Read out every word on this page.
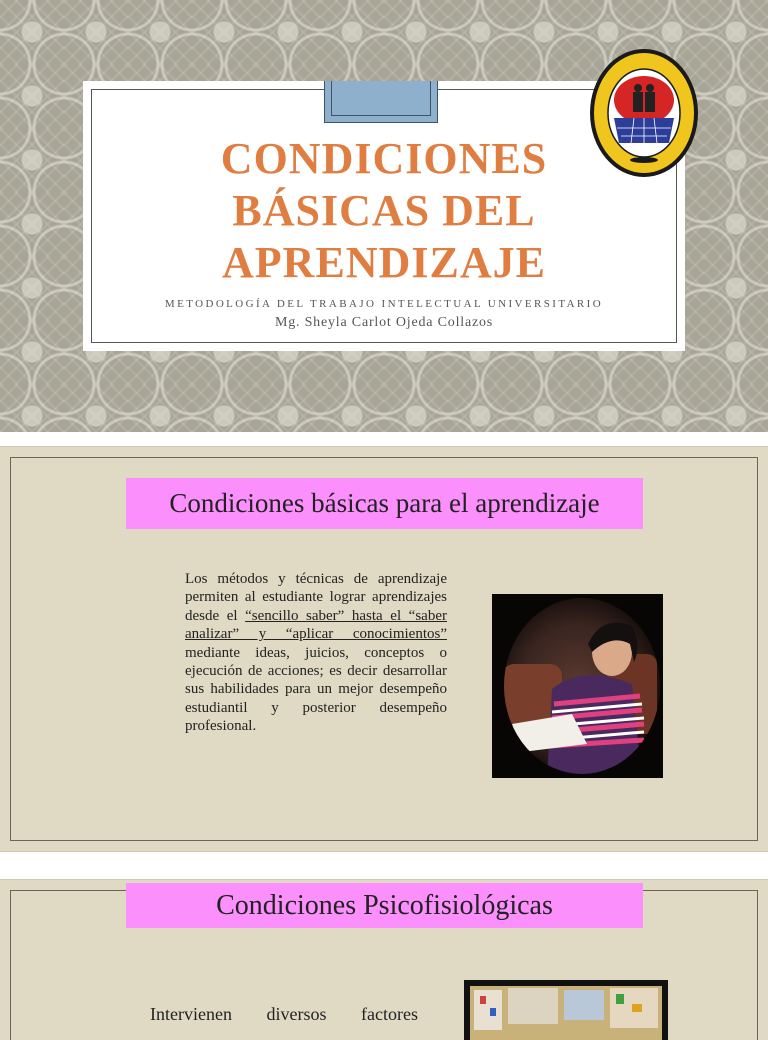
CONDICIONES
BÁSICAS DEL
APRENDIZAJE
METODOLOGÍA DEL TRABAJO INTELECTUAL UNIVERSITARIO
Mg. Sheyla Carlot Ojeda Collazos
Condiciones básicas para el aprendizaje

Los métodos y técnicas de aprendizaje permiten al estudiante lograr aprendizajes desde el “sencillo saber” hasta el “saber analizar” y “aplicar conocimientos” mediante ideas, juicios, conceptos o ejecución de acciones; es decir desarrollar sus habilidades para un mejor desempeño estudiantil y posterior desempeño profesional.

Condiciones Psicofisiológicas
Intervienen diversos factores
